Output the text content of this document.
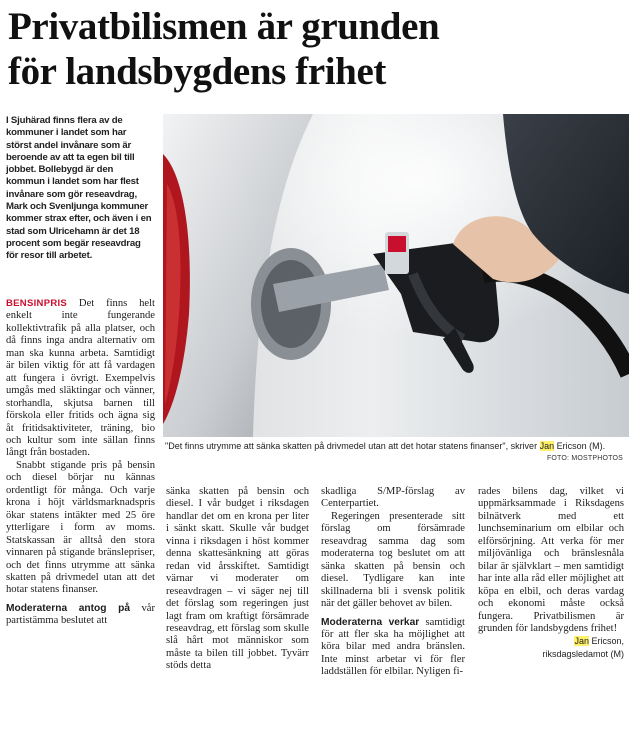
Privatbilismen är grunden
för landsbygdens frihet
I Sjuhärad finns flera av de kommuner i landet som har störst andel invånare som är beroende av att ta egen bil till jobbet. Bollebygd är den kommun i landet som har flest invånare som gör reseavdrag, Mark och Svenljunga kommuner kommer strax efter, och även i en stad som Ulricehamn är det 18 procent som begär reseavdrag för resor till arbetet.
"Det finns utrymme att sänka skatten på drivmedel utan att det hotar statens finanser", skriver Jan Ericson (M).
FOTO: MOSTPHOTOS

BENSINPRIS Det finns helt enkelt inte fungerande kollektivtrafik på alla platser, och då finns inga andra alternativ om man ska kunna arbeta. Samtidigt är bilen viktig för att få vardagen att fungera i övrigt. Exempelvis umgås med släktingar och vänner, storhandla, skjutsa barnen till förskola eller fritids och ägna sig åt fritidsaktiviteter, träning, bio och kultur som inte sällan finns långt från bostaden.

Snabbt stigande pris på bensin och diesel börjar nu kännas ordentligt för många. Och varje krona i höjt världsmarknadspris ökar statens intäkter med 25 öre ytterligare i form av moms. Statskassan är alltså den stora vinnaren på stigande bränslepriser, och det finns utrymme att sänka skatten på drivmedel utan att det hotar statens finanser.

Moderaterna antog på vår partistämma beslutet att

sänka skatten på bensin och diesel. I vår budget i riksdagen handlar det om en krona per liter i sänkt skatt. Skulle vår budget vinna i riksdagen i höst kommer denna skattesänkning att göras redan vid årsskiftet. Samtidigt värnar vi moderater om reseavdragen – vi säger nej till det förslag som regeringen just lagt fram om kraftigt försämrade reseavdrag, ett förslag som skulle slå hårt mot människor som måste ta bilen till jobbet. Tyvärr stöds detta

skadliga S/MP-förslag av Centerpartiet.

Regeringen presenterade sitt förslag om försämrade reseavdrag samma dag som moderaterna tog beslutet om att sänka skatten på bensin och diesel. Tydligare kan inte skillnaderna bli i svensk politik när det gäller behovet av bilen.

Moderaterna verkar samtidigt för att fler ska ha möjlighet att köra bilar med andra bränslen. Inte minst arbetar vi för fler laddställen för elbilar. Nyligen fi-

rades bilens dag, vilket vi uppmärksammade i Riksdagens bilnätverk med ett lunchseminarium om elbilar och elförsörjning. Att verka för mer miljövänliga och bränslesnåla bilar är självklart – men samtidigt har inte alla råd eller möjlighet att köpa en elbil, och deras vardag och ekonomi måste också fungera. Privatbilismen är grunden för landsbygdens frihet!

Jan Ericson,
riksdagsledamot (M)
